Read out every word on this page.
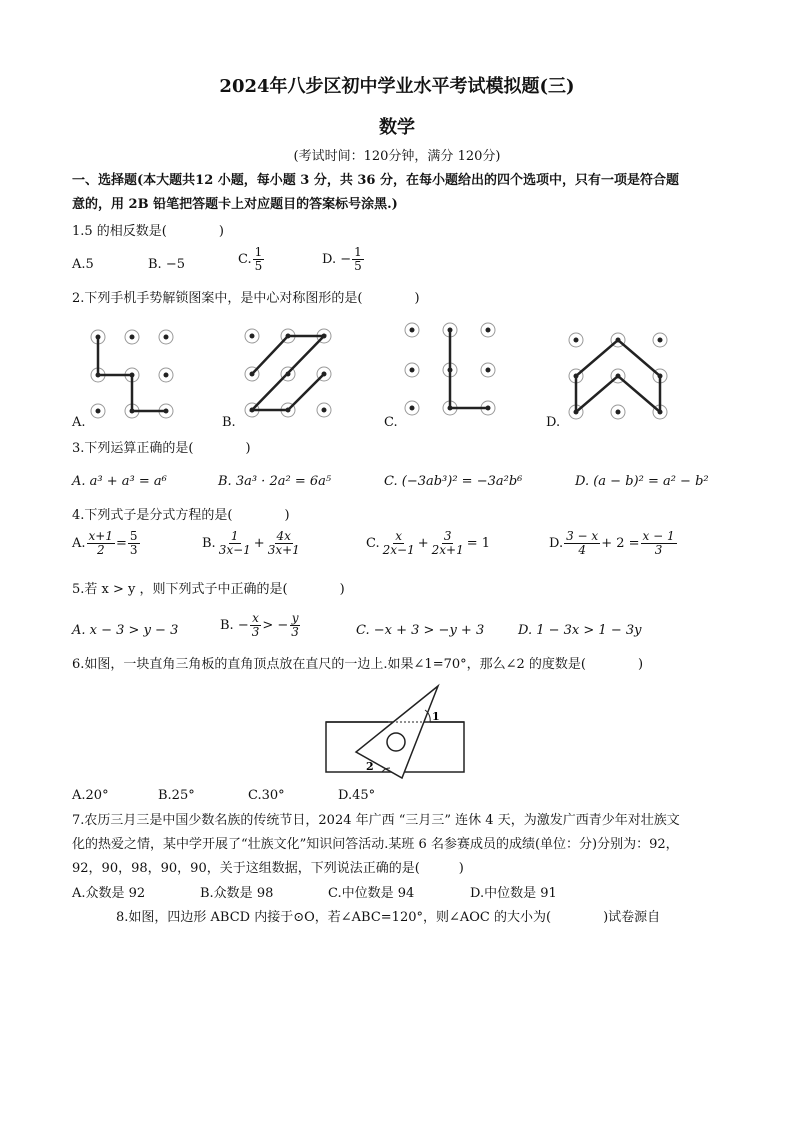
2024年八步区初中学业水平考试模拟题(三)
数学
(考试时间：120分钟，满分 120分)
一、选择题(本大题共12 小题，每小题 3 分，共 36 分，在每小题给出的四个选项中，只有一项是符合题
意的，用 2B 铅笔把答题卡上对应题目的答案标号涂黑.)
1.5 的相反数是(　　　　)
A.5	B. −5	C. $\frac{1}{5}$	D. − $\frac{1}{5}$
2.下列手机手势解锁图案中，是中心对称图形的是(　　　　)
A.	B.	C.	D.
3.下列运算正确的是(　　　　)
A. a³ + a³ = a⁶	B. 3a³ · 2a² = 6a⁵	C. (−3ab³)² = −3a²b⁶	D. (a − b)² = a² − b²
4.下列式子是分式方程的是(　　　　)
A. $\frac{x+1}{2} = \frac{5}{3}$	B. $\frac{1}{3x-1} + \frac{4x}{3x+1}$	C. $\frac{x}{2x-1} + \frac{3}{2x+1} = 1$	D. $\frac{3 - x}{4} + 2 = \frac{x - 1}{3}$
5.若 x > y ，则下列式子中正确的是(　　　　)
A. x − 3 > y − 3	B. − $\frac{x}{3}$ > − $\frac{y}{3}$	C. −x + 3 > −y + 3	D. 1 − 3x > 1 − 3y
6.如图，一块直角三角板的直角顶点放在直尺的一边上.如果∠1=70°，那么∠2 的度数是(　　　　)
1
2
A.20°	B.25°	C.30°	D.45°
7.农历三月三是中国少数名族的传统节日，2024 年广西 “三月三” 连休 4 天，为激发广西青少年对壮族文
化的热爱之情，某中学开展了“壮族文化”知识问答活动.某班 6 名参赛成员的成绩(单位：分)分别为：92，
92，90，98，90，90，关于这组数据，下列说法正确的是(　　　)
A.众数是 92	B.众数是 98	C.中位数是 94	D.中位数是 91
8.如图，四边形 ABCD 内接于⊙O，若∠ABC=120°，则∠AOC 的大小为(　　　　)试卷源自
